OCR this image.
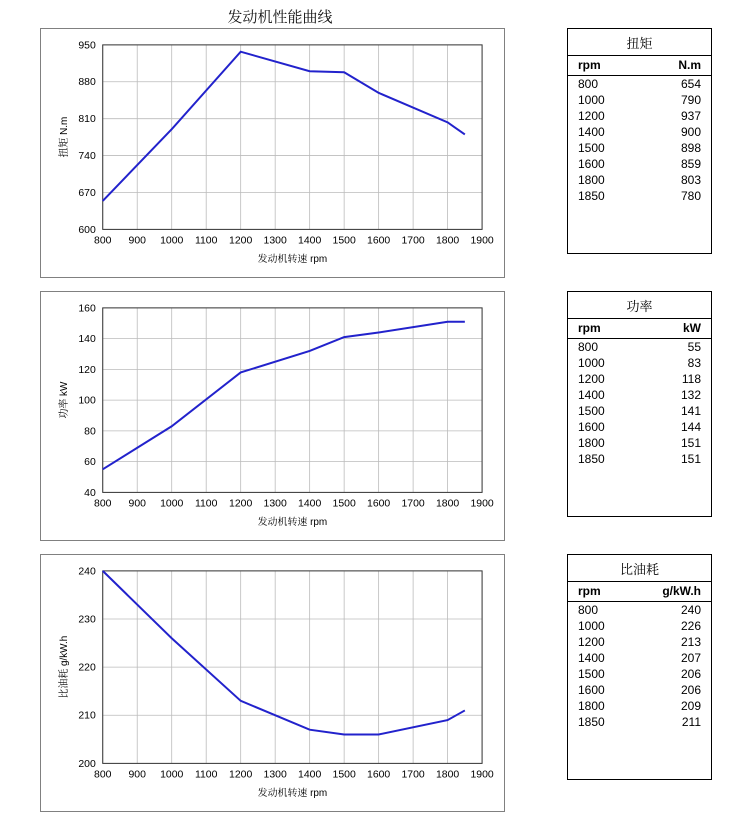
发动机性能曲线
800 900 1000 1100 1200 1300 1400 1500 1600 1700 1800 1900
600
670
740
810
880
950
发动机转速 rpm
扭矩 N.m
800 900 1000 1100 1200 1300 1400 1500 1600 1700 1800 1900
40
60
80
100
120
140
160
发动机转速 rpm
功率 kW
800 900 1000 1100 1200 1300 1400 1500 1600 1700 1800 1900
200
210
220
230
240
发动机转速 rpm
比油耗 g/kW.h
扭矩
rpm	N.m
800	654
1000	790
1200	937
1400	900
1500	898
1600	859
1800	803
1850	780
功率
rpm	kW
800	55
1000	83
1200	118
1400	132
1500	141
1600	144
1800	151
1850	151
比油耗
rpm	g/kW.h
800	240
1000	226
1200	213
1400	207
1500	206
1600	206
1800	209
1850	211
